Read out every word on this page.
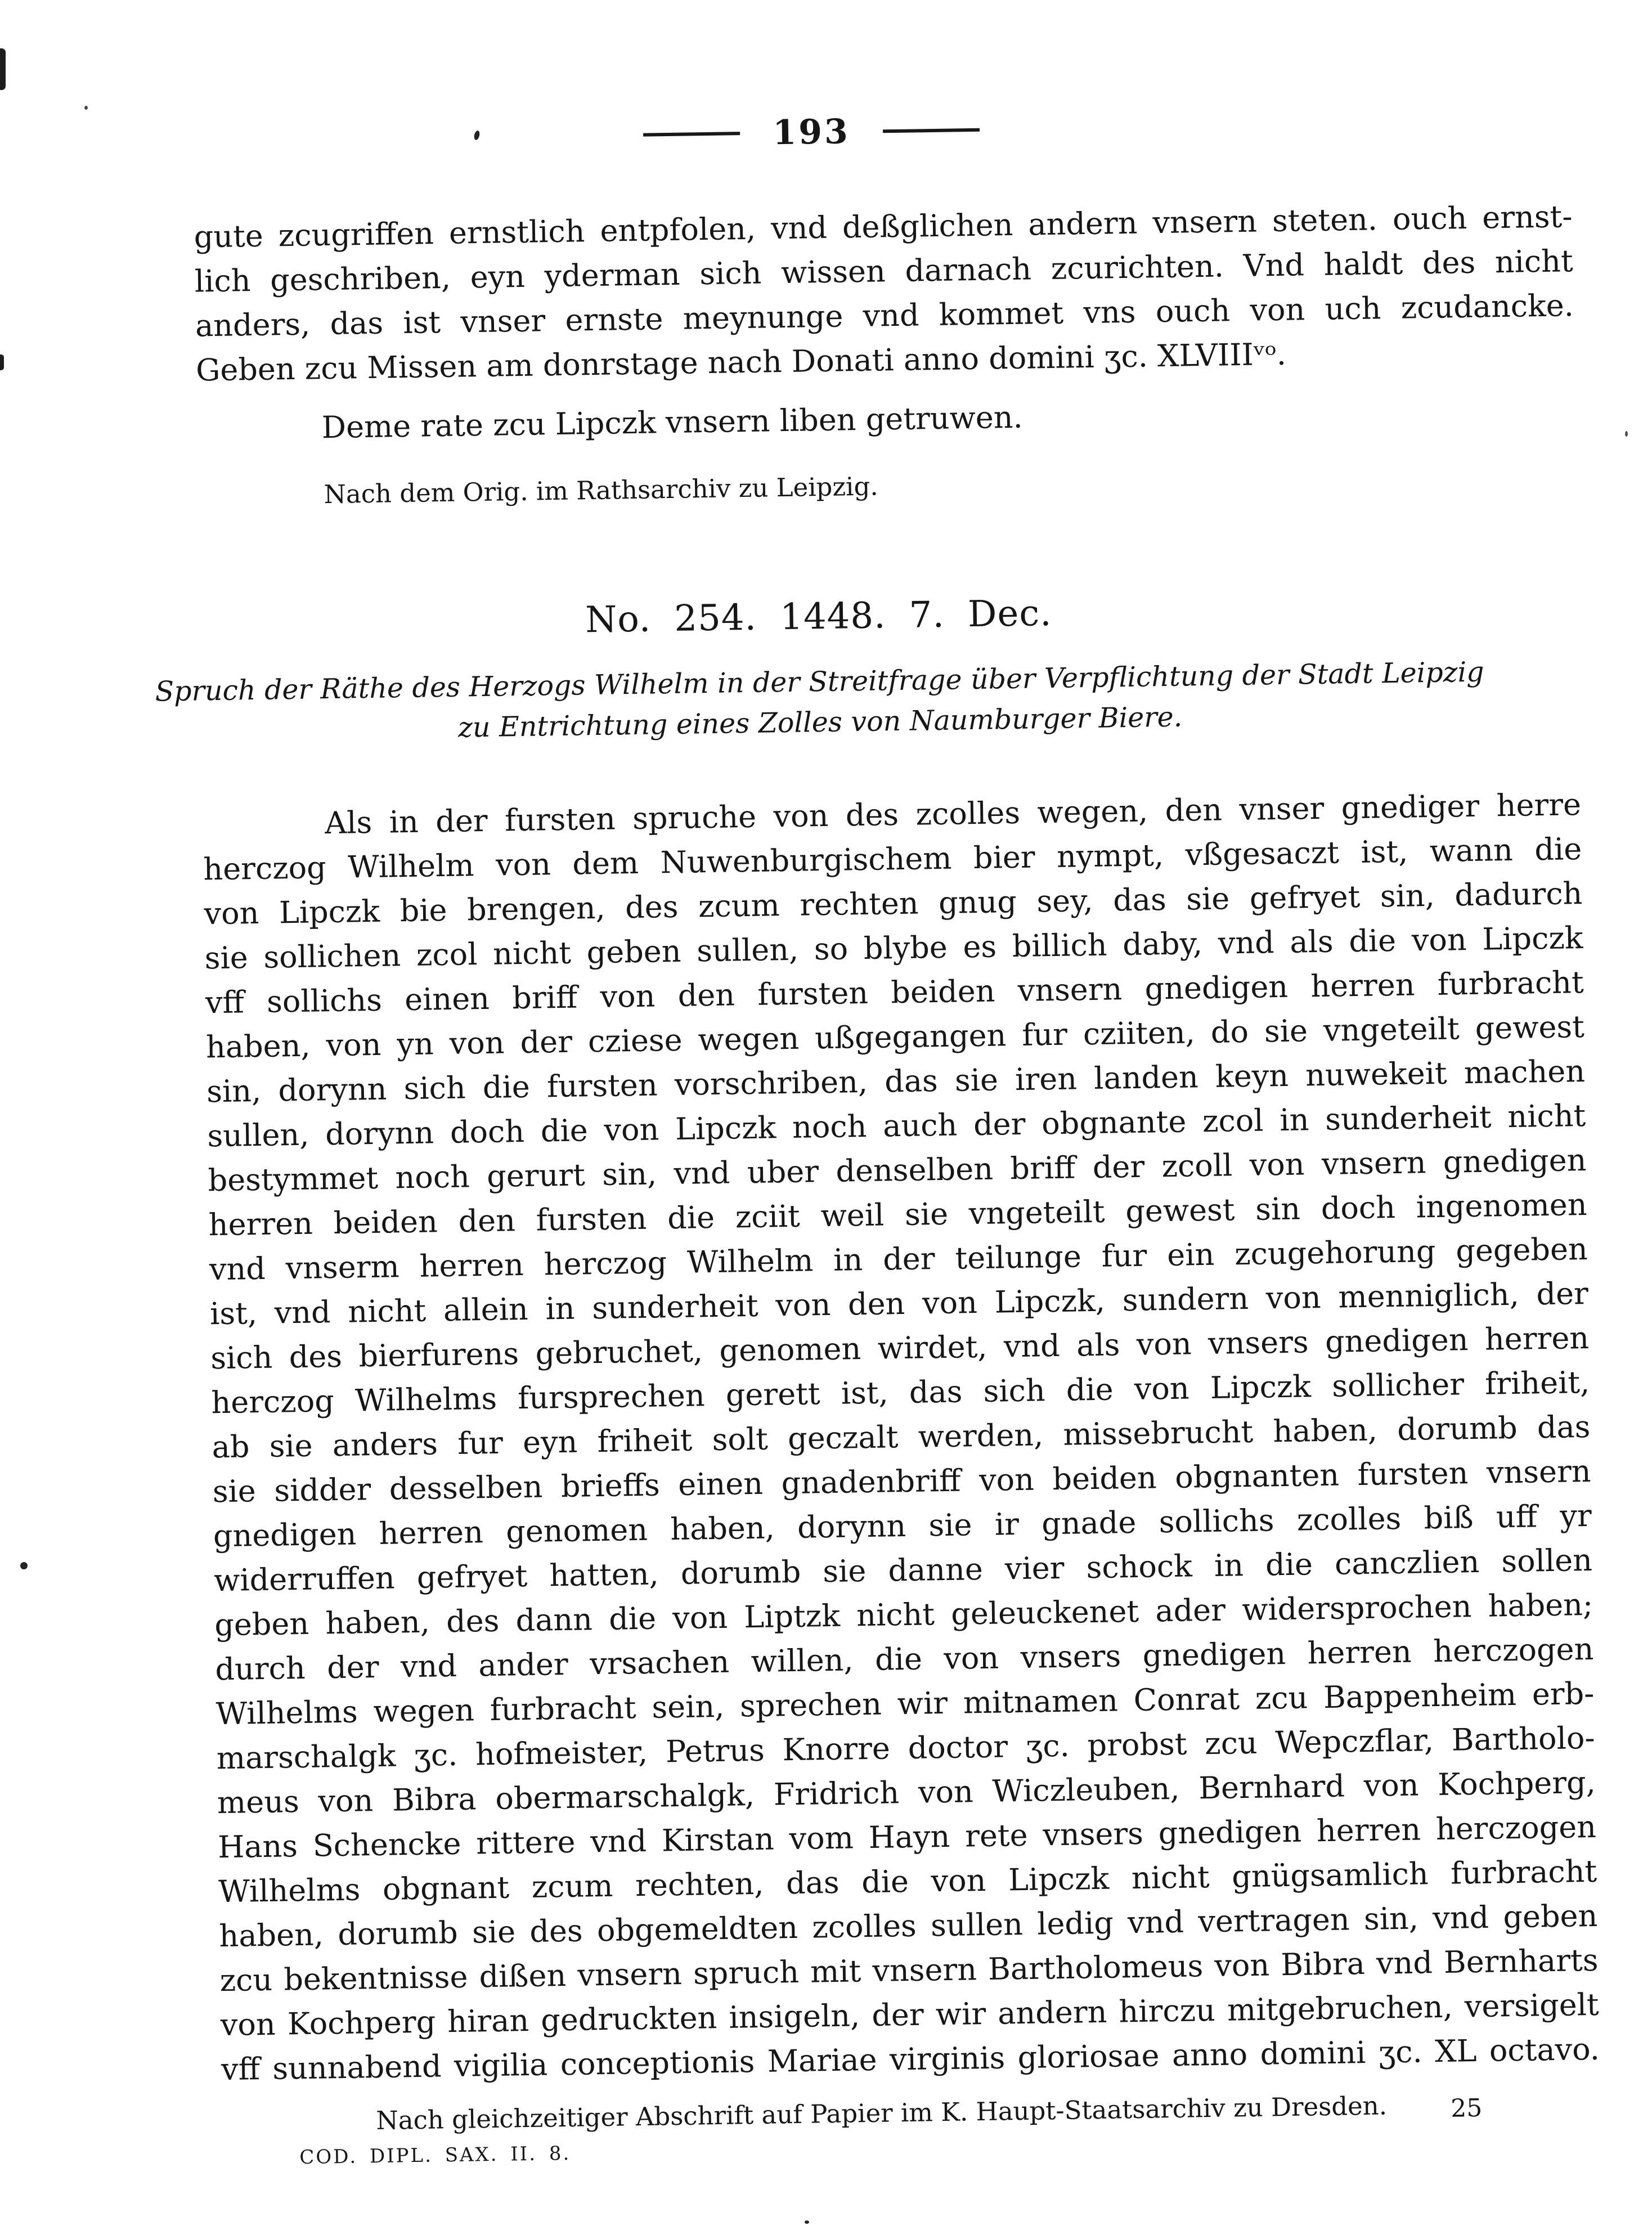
193
gute zcugriffen ernstlich entpfolen, vnd deßglichen andern vnsern steten. ouch ernst-
lich geschriben, eyn yderman sich wissen darnach zcurichten. Vnd haldt des nicht
anders, das ist vnser ernste meynunge vnd kommet vns ouch von uch zcudancke.
Geben zcu Missen am donrstage nach Donati anno domini ʒc. XLVIIIᵛᵒ.
Deme rate zcu Lipczk vnsern liben getruwen.
Nach dem Orig. im Rathsarchiv zu Leipzig.
No. 254. 1448. 7. Dec.
Spruch der Räthe des Herzogs Wilhelm in der Streitfrage über Verpflichtung der Stadt Leipzig
zu Entrichtung eines Zolles von Naumburger Biere.
Als in der fursten spruche von des zcolles wegen, den vnser gnediger herre
herczog Wilhelm von dem Nuwenburgischem bier nympt, vßgesaczt ist, wann die
von Lipczk bie brengen, des zcum rechten gnug sey, das sie gefryet sin, dadurch
sie sollichen zcol nicht geben sullen, so blybe es billich daby, vnd als die von Lipczk
vff sollichs einen briff von den fursten beiden vnsern gnedigen herren furbracht
haben, von yn von der cziese wegen ußgegangen fur cziiten, do sie vngeteilt gewest
sin, dorynn sich die fursten vorschriben, das sie iren landen keyn nuwekeit machen
sullen, dorynn doch die von Lipczk noch auch der obgnante zcol in sunderheit nicht
bestymmet noch gerurt sin, vnd uber denselben briff der zcoll von vnsern gnedigen
herren beiden den fursten die zciit weil sie vngeteilt gewest sin doch ingenomen
vnd vnserm herren herczog Wilhelm in der teilunge fur ein zcugehorung gegeben
ist, vnd nicht allein in sunderheit von den von Lipczk, sundern von menniglich, der
sich des bierfurens gebruchet, genomen wirdet, vnd als von vnsers gnedigen herren
herczog Wilhelms fursprechen gerett ist, das sich die von Lipczk sollicher friheit,
ab sie anders fur eyn friheit solt geczalt werden, missebrucht haben, dorumb das
sie sidder desselben brieffs einen gnadenbriff von beiden obgnanten fursten vnsern
gnedigen herren genomen haben, dorynn sie ir gnade sollichs zcolles biß uff yr
widerruffen gefryet hatten, dorumb sie danne vier schock in die canczlien sollen
geben haben, des dann die von Liptzk nicht geleuckenet ader widersprochen haben;
durch der vnd ander vrsachen willen, die von vnsers gnedigen herren herczogen
Wilhelms wegen furbracht sein, sprechen wir mitnamen Conrat zcu Bappenheim erb-
marschalgk ʒc. hofmeister, Petrus Knorre doctor ʒc. probst zcu Wepczflar, Bartholo-
meus von Bibra obermarschalgk, Fridrich von Wiczleuben, Bernhard von Kochperg,
Hans Schencke rittere vnd Kirstan vom Hayn rete vnsers gnedigen herren herczogen
Wilhelms obgnant zcum rechten, das die von Lipczk nicht gnügsamlich furbracht
haben, dorumb sie des obgemeldten zcolles sullen ledig vnd vertragen sin, vnd geben
zcu bekentnisse dißen vnsern spruch mit vnsern Bartholomeus von Bibra vnd Bernharts
von Kochperg hiran gedruckten insigeln, der wir andern hirczu mitgebruchen, versigelt
vff sunnabend vigilia conceptionis Mariae virginis gloriosae anno domini ʒc. XL octavo.
Nach gleichzeitiger Abschrift auf Papier im K. Haupt-Staatsarchiv zu Dresden.
COD. DIPL. SAX. II. 8.
25
